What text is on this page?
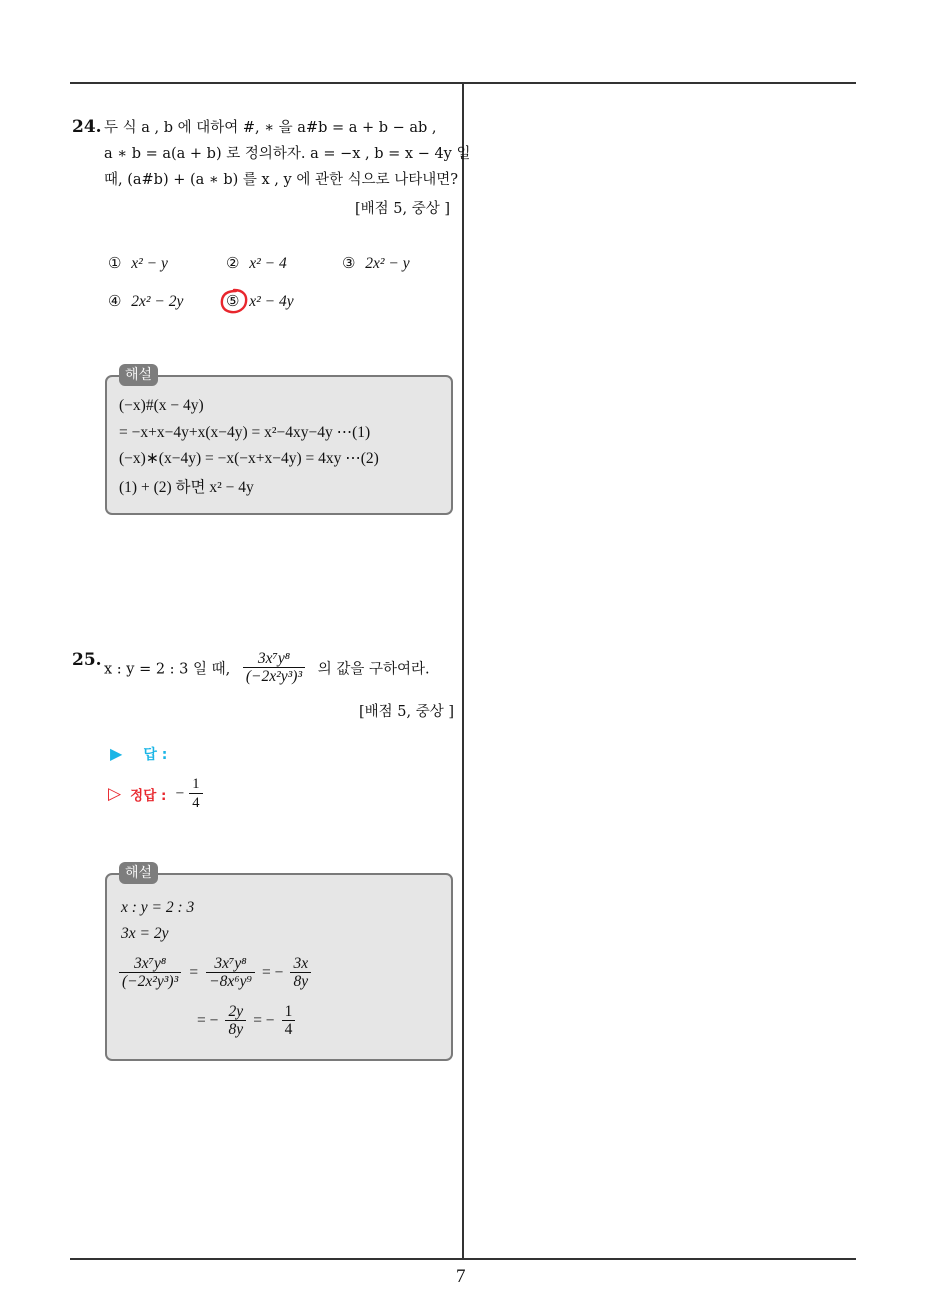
7
24. 두 식 a , b 에 대하여 #, ∗ 을 a#b = a + b − ab ,
a ∗ b = a(a + b) 로 정의하자. a = −x , b = x − 4y 일
때, (a#b) + (a ∗ b) 를 x , y 에 관한 식으로 나타내면?
[배점 5, 중상 ]
① x² − y	② x² − 4	③ 2x² − y
④ 2x² − 2y	⑤ x² − 4y
(−x)#(x − 4y)
= −x+x−4y+x(x−4y) = x²−4xy−4y ⋯(1)
(−x)∗(x−4y) = −x(−x+x−4y) = 4xy ⋯(2)
(1) + (2) 하면 x² − 4y
해설
25. x : y = 2 : 3 일 때, $\frac{\text{3x⁷y⁸}}{\text{(−2x²y³)³}}$ 의 값을 구하여라.
[배점 5, 중상 ]
▶ 답 :
▷ 정답 : − $\frac{1}{4}$
x : y = 2 : 3
3x = 2y
$\frac{\text{3x⁷y⁸}}{\text{(−2x²y³)³}} = \frac{\text{3x⁷y⁸}}{\text{−8x⁶y⁹}}$ = − $\frac{3x}{8y}$
= − $\frac{2y}{8y}$ = − $\frac{1}{4}$
해설
